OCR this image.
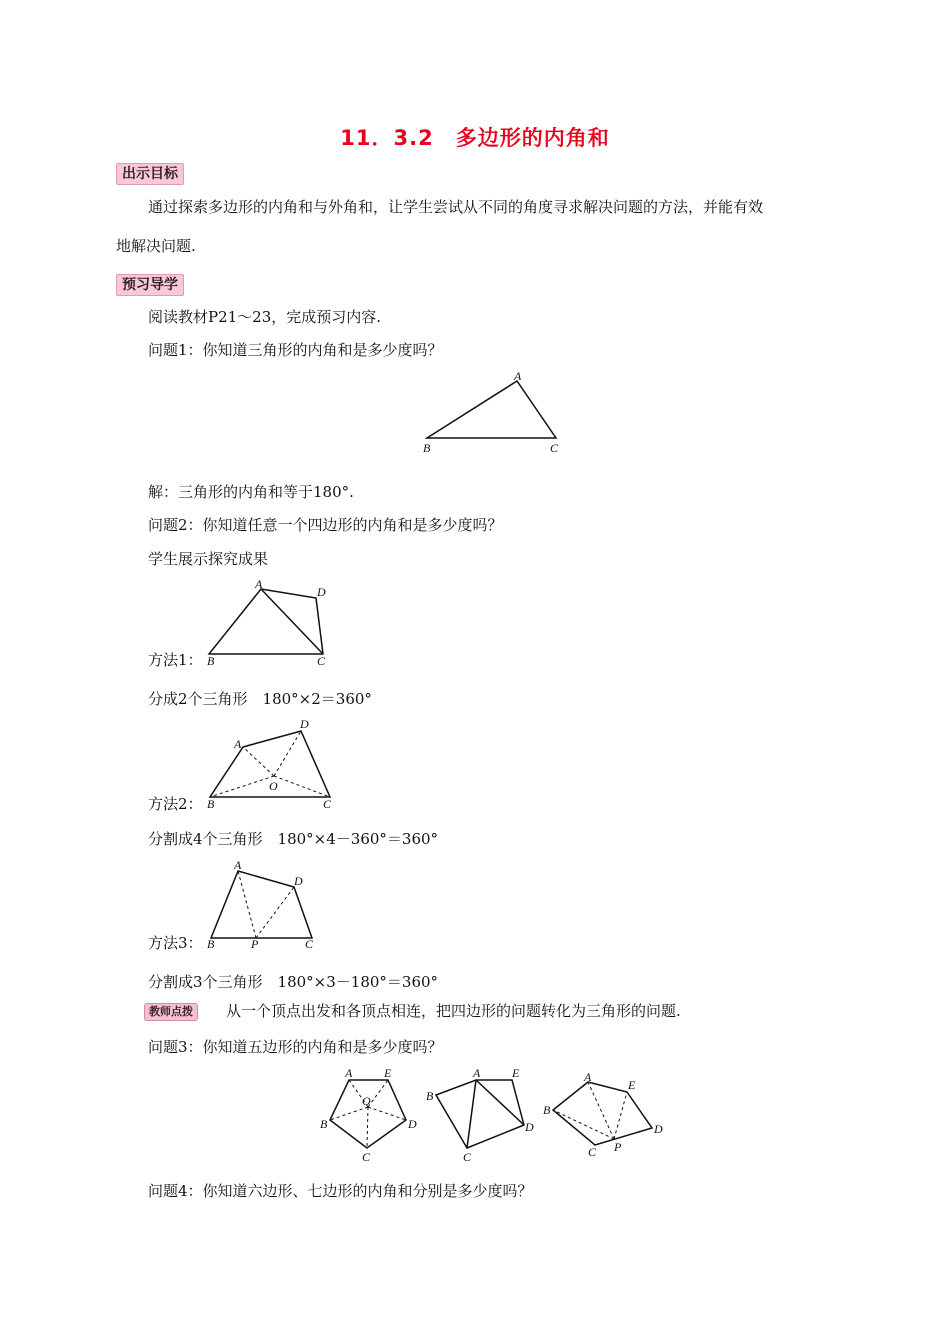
11．3.2　多边形的内角和
出示目标
通过探索多边形的内角和与外角和，让学生尝试从不同的角度寻求解决问题的方法，并能有效
地解决问题.
预习导学
阅读教材P21～23，完成预习内容.
问题1：你知道三角形的内角和是多少度吗？
A
B	C
解：三角形的内角和等于180°.
问题2：你知道任意一个四边形的内角和是多少度吗？
学生展示探究成果
A
D
B	C
方法1：
分成2个三角形　180°×2＝360°
A
D
O
B	C
方法2：
分割成4个三角形　180°×4－360°＝360°
A
D
B	P	C
方法3：
分割成3个三角形　180°×3－180°＝360°
教师点拨	从一个顶点出发和各顶点相连，把四边形的问题转化为三角形的问题.
问题3：你知道五边形的内角和是多少度吗？
A	E
O
B	D
C
A	E
B
D
C
A
E
B
D
P
C
问题4：你知道六边形、七边形的内角和分别是多少度吗？
